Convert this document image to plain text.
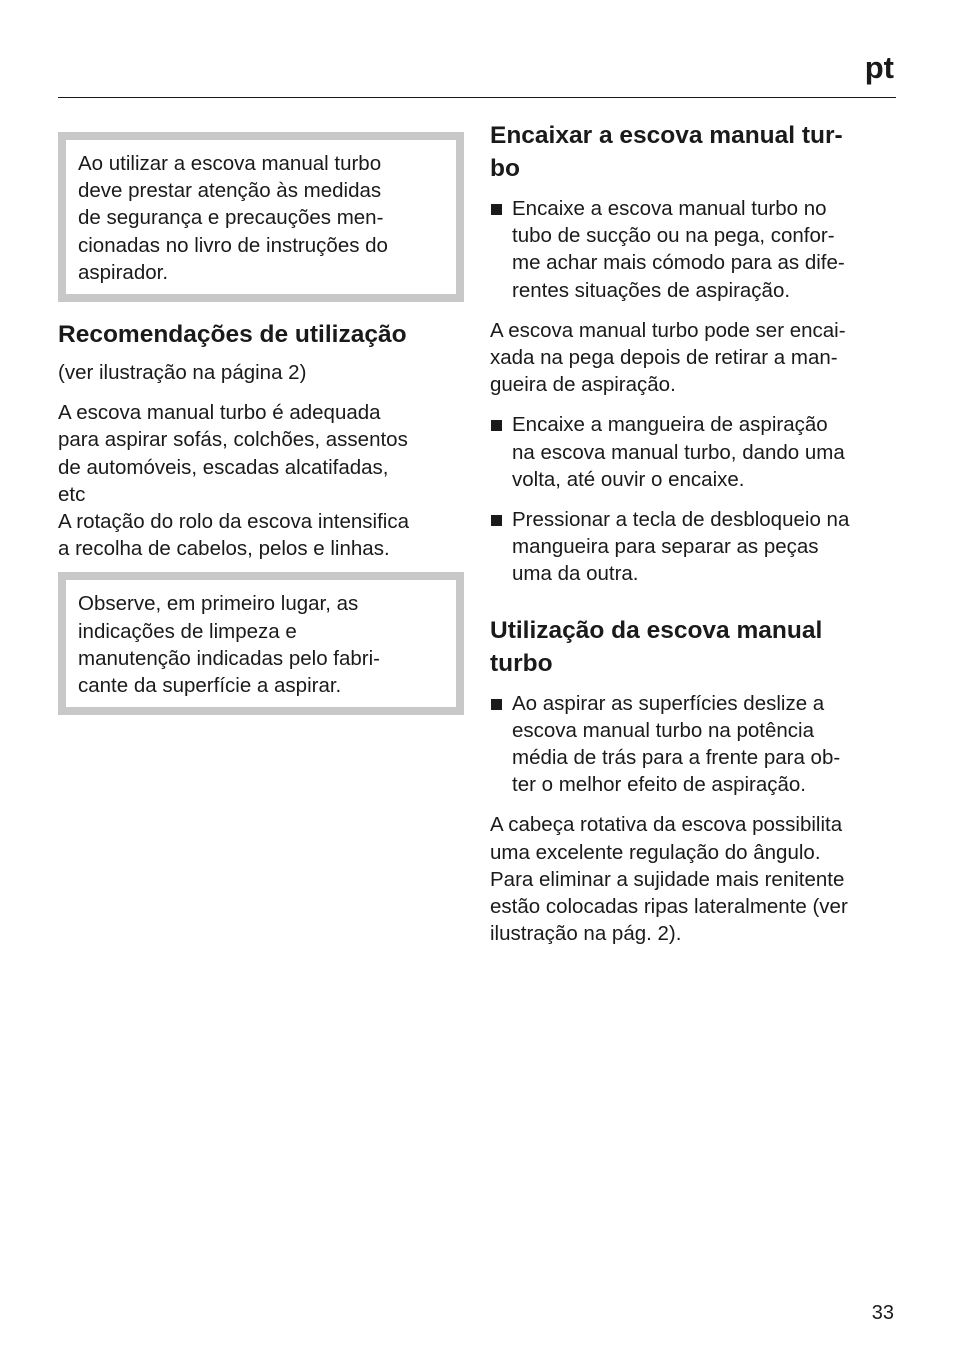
pt
Ao utilizar a escova manual turbo
deve prestar atenção às medidas
de segurança e precauções men-
cionadas no livro de instruções do
aspirador.
Recomendações de utilização
(ver ilustração na página 2)
A escova manual turbo é adequada
para aspirar sofás, colchões, assentos
de automóveis, escadas alcatifadas,
etc
A rotação do rolo da escova intensifica
a recolha de cabelos, pelos e linhas.
Observe, em primeiro lugar, as
indicações de limpeza e
manutenção indicadas pelo fabri-
cante da superfície a aspirar.
Encaixar a escova manual tur-
bo
Encaixe a escova manual turbo no
tubo de sucção ou na pega, confor-
me achar mais cómodo para as dife-
rentes situações de aspiração.
A escova manual turbo pode ser encai-
xada na pega depois de retirar a man-
gueira de aspiração.
Encaixe a mangueira de aspiração
na escova manual turbo, dando uma
volta, até ouvir o encaixe.
Pressionar a tecla de desbloqueio na
mangueira para separar as peças
uma da outra.
Utilização da escova manual
turbo
Ao aspirar as superfícies deslize a
escova manual turbo na potência
média de trás para a frente para ob-
ter o melhor efeito de aspiração.
A cabeça rotativa da escova possibilita
uma excelente regulação do ângulo.
Para eliminar a sujidade mais renitente
estão colocadas ripas lateralmente (ver
ilustração na pág. 2).
33
